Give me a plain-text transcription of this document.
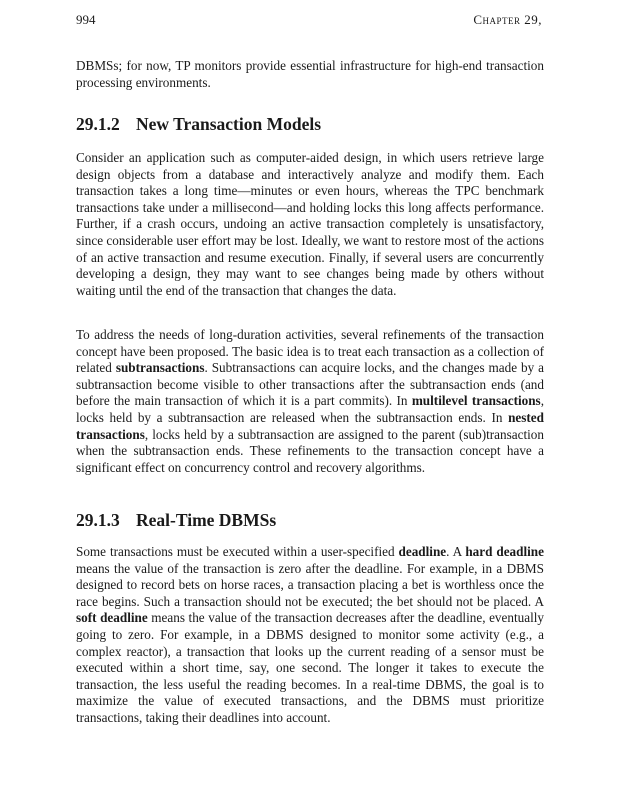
994	Chapter 29,

DBMSs; for now, TP monitors provide essential infrastructure for high-end transaction processing environments.

29.1.2 New Transaction Models

Consider an application such as computer-aided design, in which users retrieve large design objects from a database and interactively analyze and modify them. Each transaction takes a long time—minutes or even hours, whereas the TPC benchmark transactions take under a millisecond—and holding locks this long affects performance. Further, if a crash occurs, undoing an active transaction completely is unsatisfactory, since considerable user effort may be lost. Ideally, we want to restore most of the actions of an active transaction and resume execution. Finally, if several users are concurrently developing a design, they may want to see changes being made by others without waiting until the end of the transaction that changes the data.

To address the needs of long-duration activities, several refinements of the transaction concept have been proposed. The basic idea is to treat each transaction as a collection of related subtransactions. Subtransactions can acquire locks, and the changes made by a subtransaction become visible to other transactions after the subtransaction ends (and before the main transaction of which it is a part commits). In multilevel transactions, locks held by a subtransaction are released when the subtransaction ends. In nested transactions, locks held by a subtransaction are assigned to the parent (sub)transaction when the subtransaction ends. These refinements to the transaction concept have a significant effect on concurrency control and recovery algorithms.

29.1.3 Real-Time DBMSs

Some transactions must be executed within a user-specified deadline. A hard deadline means the value of the transaction is zero after the deadline. For example, in a DBMS designed to record bets on horse races, a transaction placing a bet is worthless once the race begins. Such a transaction should not be executed; the bet should not be placed. A soft deadline means the value of the transaction decreases after the deadline, eventually going to zero. For example, in a DBMS designed to monitor some activity (e.g., a complex reactor), a transaction that looks up the current reading of a sensor must be executed within a short time, say, one second. The longer it takes to execute the transaction, the less useful the reading becomes. In a real-time DBMS, the goal is to maximize the value of executed transactions, and the DBMS must prioritize transactions, taking their deadlines into account.
